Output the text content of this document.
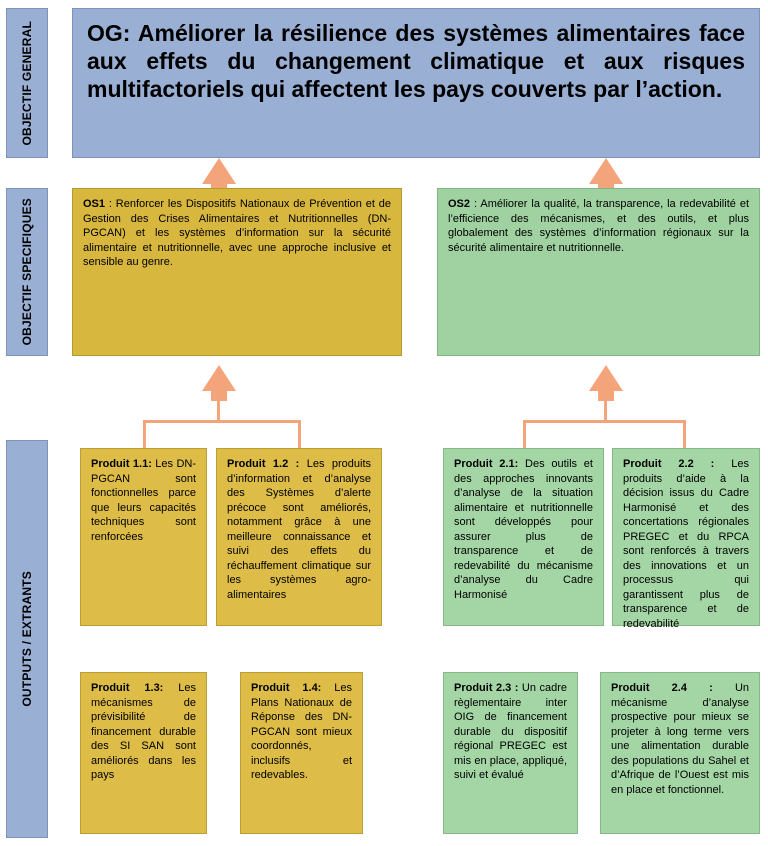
OBJECTIF GENERAL
OBJECTIF SPECIFIQUES
OUTPUTS / EXTRANTS
OG: Améliorer la résilience des systèmes alimentaires face aux effets du changement climatique et aux risques multifactoriels qui affectent les pays couverts par l’action.
OS1 : Renforcer les Dispositifs Nationaux de Prévention et de Gestion des Crises Alimentaires et Nutritionnelles (DN-PGCAN) et les systèmes d’information sur la sécurité alimentaire et nutritionnelle, avec une approche inclusive et sensible au genre.
OS2 : Améliorer la qualité, la transparence, la redevabilité et l’efficience des mécanismes, et des outils, et plus globalement des systèmes d’information régionaux sur la sécurité alimentaire et nutritionnelle.
Produit 1.1: Les DN-PGCAN sont fonctionnelles parce que leurs capacités techniques sont renforcées
Produit 1.2 : Les produits d’information et d’analyse des Systèmes d’alerte précoce sont améliorés, notamment grâce à une meilleure connaissance et suivi des effets du réchauffement climatique sur les systèmes agro-alimentaires
Produit 1.3: Les mécanismes de prévisibilité de financement durable des SI SAN sont améliorés dans les pays
Produit 1.4: Les Plans Nationaux de Réponse des DN-PGCAN sont mieux coordonnés, inclusifs et redevables.
Produit 2.1: Des outils et des approches innovants d’analyse de la situation alimentaire et nutritionnelle sont développés pour assurer plus de transparence et de redevabilité du mécanisme d’analyse du Cadre Harmonisé
Produit 2.2 : Les produits d’aide à la décision issus du Cadre Harmonisé et des concertations régionales PREGEC et du RPCA sont renforcés à travers des innovations et un processus qui garantissent plus de transparence et de redevabilité
Produit 2.3 : Un cadre règlementaire inter OIG de financement durable du dispositif régional PREGEC est mis en place, appliqué, suivi et évalué
Produit 2.4 : Un mécanisme d’analyse prospective pour mieux se projeter à long terme vers une alimentation durable des populations du Sahel et d’Afrique de l’Ouest est mis en place et fonctionnel.
